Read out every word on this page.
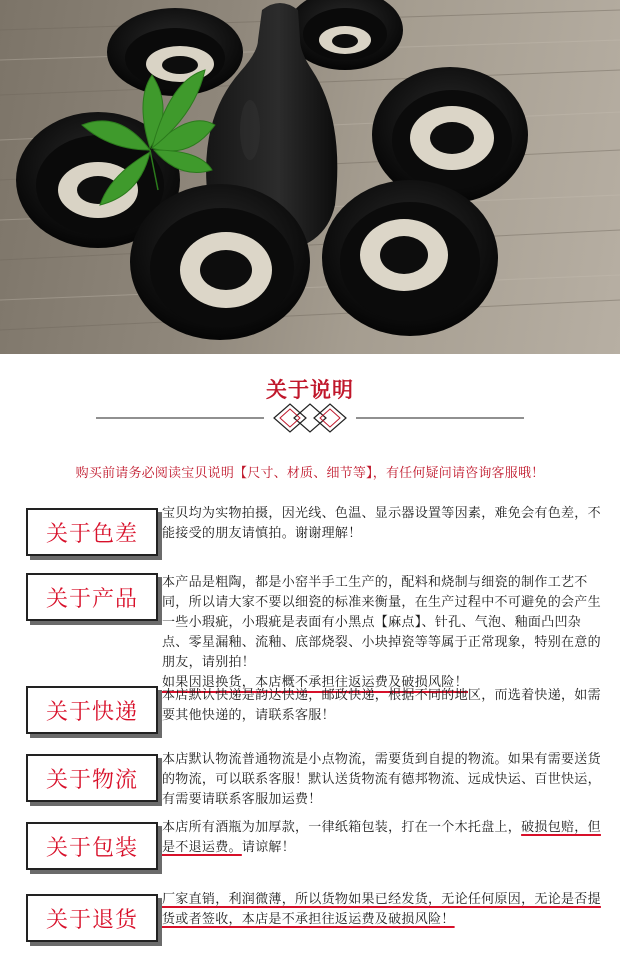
关于说明
购买前请务必阅读宝贝说明【尺寸、材质、细节等】，有任何疑问请咨询客服哦！
关于色差

宝贝均为实物拍摄，因光线、色温、显示器设置等因素，难免会有色差，不能接受的朋友请慎拍。谢谢理解！

关于产品

本产品是粗陶，都是小窑半手工生产的，配料和烧制与细瓷的制作工艺不同，所以请大家不要以细瓷的标准来衡量，在生产过程中不可避免的会产生一些小瑕疵，小瑕疵是表面有小黑点【麻点】、针孔、气泡、釉面凸凹杂点、零星漏釉、流釉、底部烧裂、小块掉瓷等等属于正常现象，特别在意的朋友，请别拍！

如果因退换货，本店概不承担往返运费及破损风险！

关于快递

本店默认快递是韵达快递，邮政快递，根据不同的地区，而选着快递，如需要其他快递的，请联系客服！

关于物流

本店默认物流普通物流是小点物流，需要货到自提的物流。如果有需要送货的物流，可以联系客服！默认送货物流有德邦物流、远成快运、百世快运，有需要请联系客服加运费！

关于包装

本店所有酒瓶为加厚款，一律纸箱包装，打在一个木托盘上，破损包赔，但是不退运费。请谅解！

关于退货

厂家直销，利润微薄，所以货物如果已经发货，无论任何原因，无论是否提货或者签收，本店是不承担往返运费及破损风险！
